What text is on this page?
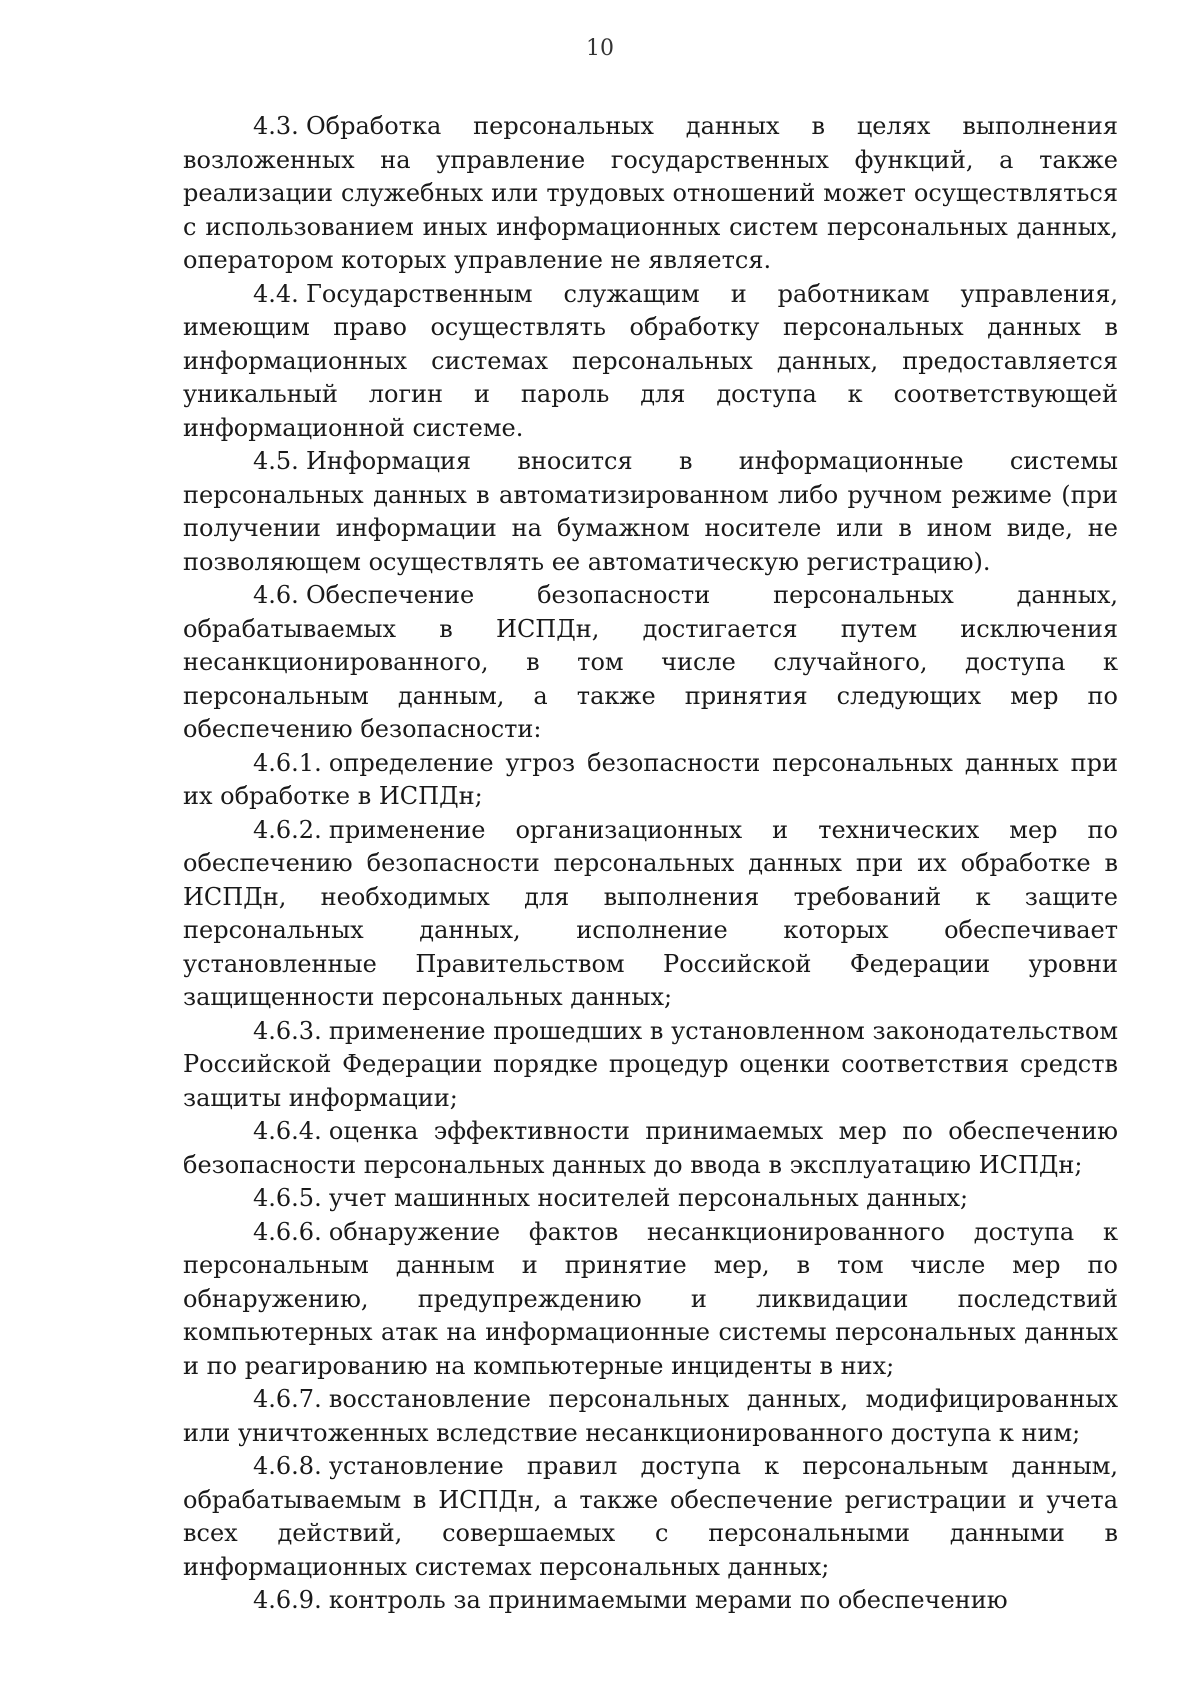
10

4.3. Обработка персональных данных в целях выполнения возложенных на управление государственных функций, а также реализации служебных или трудовых отношений может осуществляться с использованием иных информационных систем персональных данных, оператором которых управление не является.

4.4. Государственным служащим и работникам управления, имеющим право осуществлять обработку персональных данных в информационных системах персональных данных, предоставляется уникальный логин и пароль для доступа к соответствующей информационной системе.

4.5. Информация вносится в информационные системы персональных данных в автоматизированном либо ручном режиме (при получении информации на бумажном носителе или в ином виде, не позволяющем осуществлять ее автоматическую регистрацию).

4.6. Обеспечение безопасности персональных данных, обрабатываемых в ИСПДн, достигается путем исключения несанкционированного, в том числе случайного, доступа к персональным данным, а также принятия следующих мер по обеспечению безопасности:

4.6.1. определение угроз безопасности персональных данных при их обработке в ИСПДн;

4.6.2. применение организационных и технических мер по обеспечению безопасности персональных данных при их обработке в ИСПДн, необходимых для выполнения требований к защите персональных данных, исполнение которых обеспечивает установленные Правительством Российской Федерации уровни защищенности персональных данных;

4.6.3. применение прошедших в установленном законодательством Российской Федерации порядке процедур оценки соответствия средств защиты информации;

4.6.4. оценка эффективности принимаемых мер по обеспечению безопасности персональных данных до ввода в эксплуатацию ИСПДн;

4.6.5. учет машинных носителей персональных данных;

4.6.6. обнаружение фактов несанкционированного доступа к персональным данным и принятие мер, в том числе мер по обнаружению, предупреждению и ликвидации последствий компьютерных атак на информационные системы персональных данных и по реагированию на компьютерные инциденты в них;

4.6.7. восстановление персональных данных, модифицированных или уничтоженных вследствие несанкционированного доступа к ним;

4.6.8. установление правил доступа к персональным данным, обрабатываемым в ИСПДн, а также обеспечение регистрации и учета всех действий, совершаемых с персональными данными в информационных системах персональных данных;

4.6.9. контроль за принимаемыми мерами по обеспечению
